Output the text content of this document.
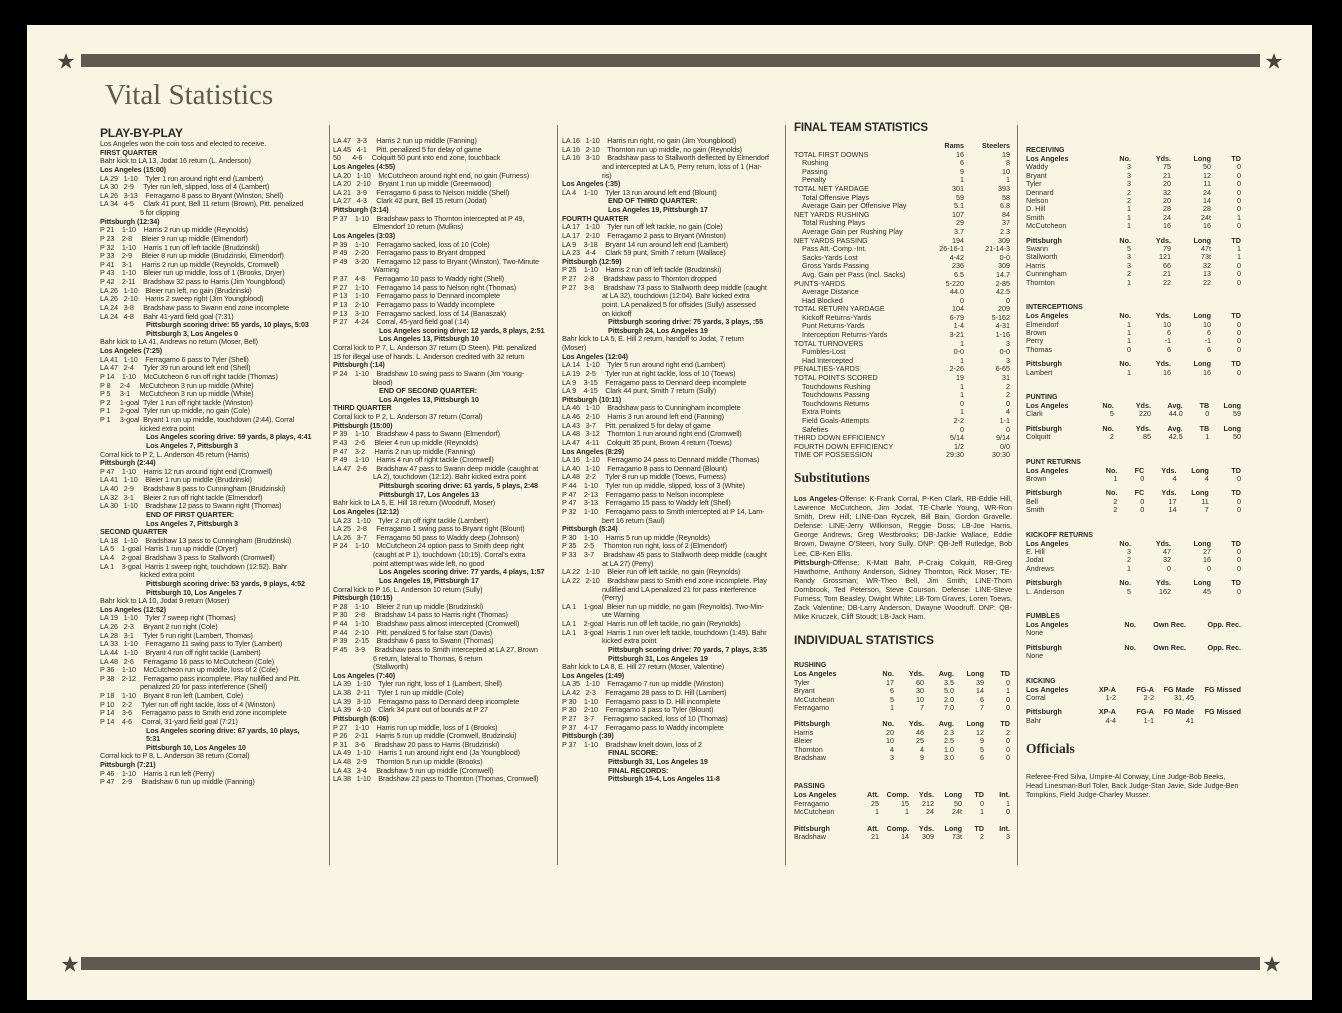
Vital Statistics
PLAY-BY-PLAY
Los Angeles won the coin toss and elected to receive.
FIRST QUARTER
Bahr kick to LA 13, Jodat 16 return (L. Anderson)
Los Angeles (15:00)
LA 29   1-10    Tyler 1 run around right end (Lambert)
LA 30   2-9     Tyler run left, slipped, loss of 4 (Lambert)
LA 26   3-13    Ferragamo 8 pass to Bryant (Winston, Shell)
LA 34   4-5     Clark 41 punt, Bell 11 return (Brown), Pitt. penalized
5 for clipping
Pittsburgh (12:34)
P 21    1-10    Harris 2 run up middle (Reynolds)
P 23    2-8     Bleier 9 run up middle (Elmendorf)
P 32    1-10    Harris 1 run off left tackle (Brudzinski)
P 33    2-9     Bleier 8 run up middle (Brudzinski, Elmendorf)
P 41    3-1     Harris 2 run up middle (Reynolds, Cromwell)
P 43    1-10    Bleier run up middle, loss of 1 (Brooks, Dryer)
P 42    2-11    Bradshaw 32 pass to Harris (Jim Youngblood)
LA 26   1-10    Bleier run left, no gain (Brudzinski)
LA 26   2-10    Harris 2 sweep right (Jim Youngblood)
LA 24   3-8     Bradshaw pass to Swann end zone incomplete
LA 24   4-8     Bahr 41-yard field goal (7:31)
Pittsburgh scoring drive: 55 yards, 10 plays, 5:03
Pittsburgh 3, Los Angeles 0
Bahr kick to LA 41, Andrews no return (Moser, Bell)
Los Angeles (7:25)
LA 41   1-10    Ferragamo 6 pass to Tyler (Shell)
LA 47   2-4     Tyler 39 run around left end (Shell)
P 14    1-10    McCutcheon 6 run off right tackle (Thomas)
P 8     2-4     McCutcheon 3 run up middle (White)
P 5     3-1     McCutcheon 3 run up middle (White)
P 2     1-goal  Tyler 1 run off right tackle (Winston)
P 1     2-goal  Tyler run up middle, no gain (Cole)
P 1     3-goal  Bryant 1 run up middle, touchdown (2:44). Corral
kicked extra point
Los Angeles scoring drive: 59 yards, 8 plays, 4:41
Los Angeles 7, Pittsburgh 3
Corral kick to P 2, L. Anderson 45 return (Harris)
Pittsburgh (2:44)
P 47    1-10    Harris 12 run around right end (Cromwell)
LA 41   1-10    Bleier 1 run up middle (Brudzinski)
LA 40   2-9     Bradshaw 8 pass to Cunningham (Brudzinski)
LA 32   3-1     Bleier 2 run off right tackle (Elmendorf)
LA 30   1-10    Bradshaw 12 pass to Swann right (Thomas)
END OF FIRST QUARTER:
Los Angeles 7, Pittsburgh 3
SECOND QUARTER
LA 18   1-10    Bradshaw 13 pass to Cunningham (Brudzinski)
LA 5    1-goal  Harris 1 run up middle (Dryer)
LA 4    2-goal  Bradshaw 3 pass to Stallworth (Cromwell)
LA 1    3-goal  Harris 1 sweep right, touchdown (12:52). Bahr
kicked extra point
Pittsburgh scoring drive: 53 yards, 9 plays, 4:52
Pittsburgh 10, Los Angeles 7
Bahr kick to LA 10, Jodat 9 return (Moser)
Los Angeles (12:52)
LA 19   1-10    Tyler 7 sweep right (Thomas)
LA 26   2-3     Bryant 2 run right (Cole)
LA 28   3-1     Tyler 5 run right (Lambert, Thomas)
LA 33   1-10    Ferragamo 11 swing pass to Tyler (Lambert)
LA 44   1-10    Bryant 4 run off right tackle (Lambert)
LA 48   2-6     Ferragamo 16 pass to McCutcheon (Cole)
P 36    1-10    McCutcheon run up middle, loss of 2 (Cole)
P 38    2-12    Ferragamo pass incomplete. Play nullified and Pitt.
penalized 20 for pass interference (Shell)
P 18    1-10    Bryant 8 run left (Lambert, Cole)
P 10    2-2     Tyler run off right tackle, loss of 4 (Winston)
P 14    3-6     Ferragamo pass to Smith end zone incomplete
P 14    4-6     Corral, 31-yard field goal (7:21)
Los Angeles scoring drive: 67 yards, 10 plays,
5:31
Pittsburgh 10, Los Angeles 10
Corral kick to P 8, L. Anderson 38 return (Corral)
Pittsburgh (7:21)
P 46    1-10    Harris 1 run left (Perry)
P 47    2-9     Bradshaw 6 run up middle (Fanning)
LA 47   3-3     Harris 2 run up middle (Fanning)
LA 45   4-1     Pitt. penalized 5 for delay of game
50      4-6     Colquitt 50 punt into end zone, touchback
Los Angeles (4:55)
LA 20   1-10    McCutcheon around right end, no gain (Furness)
LA 20   2-10    Bryant 1 run up middle (Greenwood)
LA 21   3-9     Ferragamo 6 pass to Nelson middle (Shell)
LA 27   4-3     Clark 42 punt, Bell 15 return (Jodat)
Pittsburgh (3:14)
P 37    1-10    Bradshaw pass to Thornton intercepted at P 49,
Elmendorf 10 return (Mullins)
Los Angeles (3:03)
P 39    1-10    Ferragamo sacked, loss of 10 (Cole)
P 49    2-20    Ferragamo pass to Bryant dropped
P 49    3-20    Ferragamo 12 pass to Bryant (Winston). Two-Minute
Warning
P 37    4-8     Ferragamo 10 pass to Waddy right (Shell)
P 27    1-10    Ferragamo 14 pass to Nelson right (Thomas)
P 13    1-10    Ferragamo pass to Dennard incomplete
P 13    2-10    Ferragamo pass to Waddy incomplete
P 13    3-10    Ferragamo sacked, loss of 14 (Banaszak)
P 27    4-24    Corral, 45-yard field goal (:14)
Los Angeles scoring drive: 12 yards, 8 plays, 2:51
Los Angeles 13, Pittsburgh 10
Corral kick to P 7, L. Anderson 37 return (D Steen). Pitt. penalized
15 for illegal use of hands. L. Anderson credited with 32 return
Pittsburgh (:14)
P 24    1-10    Bradshaw 10 swing pass to Swann (Jim Young-
blood)
END OF SECOND QUARTER:
Los Angeles 13, Pittsburgh 10
THIRD QUARTER
Corral kick to P 2, L. Anderson 37 return (Corral)
Pittsburgh (15:00)
P 39    1-10    Bradshaw 4 pass to Swann (Elmendorf)
P 43    2-6     Bleier 4 run up middle (Reynolds)
P 47    3-2     Harris 2 run up middle (Fanning)
P 49    1-10    Harris 4 run off right tackle (Cromwell)
LA 47   2-6     Bradshaw 47 pass to Swann deep middle (caught at
LA 2), touchdown (12:12). Bahr kicked extra point
Pittsburgh scoring drive: 61 yards, 5 plays, 2:48
Pittsburgh 17, Los Angeles 13
Bahr kick to LA 5, E. Hill 18 return (Woodruff, Moser)
Los Angeles (12:12)
LA 23   1-10    Tyler 2 run off right tackle (Lambert)
LA 25   2-8     Ferragamo 1 swing pass to Bryant right (Blount)
LA 26   3-7     Ferragamo 50 pass to Waddy deep (Johnson)
P 24    1-10    McCutcheon 24 option pass to Smith deep right
(caught at P 1), touchdown (10:15). Corral's extra
point attempt was wide left, no good
Los Angeles scoring drive: 77 yards, 4 plays, 1:57
Los Angeles 19, Pittsburgh 17
Corral kick to P 16, L. Anderson 10 return (Sully)
Pittsburgh (10:15)
P 28    1-10    Bleier 2 run up middle (Brudzinski)
P 30    2-8     Bradshaw 14 pass to Harris right (Thomas)
P 44    1-10    Bradshaw pass almost intercepted (Cromwell)
P 44    2-10    Pitt. penalized 5 for false start (Davis)
P 39    2-15    Bradshaw 6 pass to Swann (Thomas)
P 45    3-9     Bradshaw pass to Smith intercepted at LA 27, Brown
6 return, lateral to Thomas, 6 return
(Stallworth)
Los Angeles (7:40)
LA 39   1-10    Tyler run right, loss of 1 (Lambert, Shell)
LA 38   2-11    Tyler 1 run up middle (Cole)
LA 39   3-10    Ferragamo pass to Dennard deep incomplete
LA 39   4-10    Clark 34 punt out of bounds at P 27
Pittsburgh (6:06)
P 27    1-10    Harris run up middle, loss of 1 (Brooks)
P 26    2-11    Harris 5 run up middle (Cromwell, Brudzinski)
P 31    3-6     Bradshaw 20 pass to Harris (Brudzinski)
LA 49   1-10    Harris 1 run around right end (Ja Youngblood)
LA 48   2-9     Thornton 5 run up middle (Brooks)
LA 43   3-4     Bradshaw 5 run up middle (Cromwell)
LA 38   1-10    Bradshaw 22 pass to Thornton (Thomas, Cromwell)
LA 16   1-10    Harris run right, no gain (Jim Youngblood)
LA 16   2-10    Thornton run up middle, no gain (Reynolds)
LA 16   3-10    Bradshaw pass to Stallworth deflected by Elmendorf
and intercepted at LA 5, Perry return, loss of 1 (Har-
ris)
Los Angeles (:35)
LA 4    1-10    Tyler 13 run around left end (Blount)
END OF THIRD QUARTER:
Los Angeles 19, Pittsburgh 17
FOURTH QUARTER
LA 17   1-10    Tyler run off left tackle, no gain (Cole)
LA 17   2-10    Ferragamo 2 pass to Bryant (Winston)
LA 9    3-18    Bryant 14 run around left end (Lambert)
LA 23   4-4     Clark 59 punt, Smith 7 return (Wallace)
Pittsburgh (12:59)
P 25    1-10    Harris 2 run off left tackle (Brudzinski)
P 27    2-8     Bradshaw pass to Thornton dropped
P 27    3-8     Bradshaw 73 pass to Stallworth deep middle (caught
at LA 32), touchdown (12:04). Bahr kicked extra
point. LA penalized 5 for offsides (Sully) assessed
on kickoff
Pittsburgh scoring drive: 75 yards, 3 plays, :55
Pittsburgh 24, Los Angeles 19
Bahr kick to LA 5, E. Hill 2 return, handoff to Jodat, 7 return
(Moser)
Los Angeles (12:04)
LA 14   1-10    Tyler 5 run around right end (Lambert)
LA 19   2-5     Tyler run at right tackle, loss of 10 (Toews)
LA 9    3-15    Ferragamo pass to Dennard deep incomplete
LA 9    4-15    Clark 44 punt, Smith 7 return (Sully)
Pittsburgh (10:11)
LA 46   1-10    Bradshaw pass to Cunningham incomplete
LA 46   2-10    Harris 3 run around left end (Fanning)
LA 43   3-7     Pitt. penalized 5 for delay of game
LA 48   3-12    Thornton 1 run around right end (Cromwell)
LA 47   4-11    Colquitt 35 punt, Brown 4 return (Toews)
Los Angeles (8:29)
LA 16   1-10    Ferragamo 24 pass to Dennard middle (Thomas)
LA 40   1-10    Ferragamo 8 pass to Dennard (Blount)
LA 48   2-2     Tyler 8 run up middle (Toews, Furness)
P 44    1-10    Tyler run up middle, slipped, loss of 3 (White)
P 47    2-13    Ferragamo pass to Nelson incomplete
P 47    3-13    Ferragamo 15 pass to Waddy left (Shell)
P 32    1-10    Ferragamo pass to Smith intercepted at P 14, Lam-
bert 16 return (Saul)
Pittsburgh (5:24)
P 30    1-10    Harris 5 run up middle (Reynolds)
P 35    2-5     Thornton run right, loss of 2 (Elmendorf)
P 33    3-7     Bradshaw 45 pass to Stallworth deep middle (caught
at LA 27) (Perry)
LA 22   1-10    Bleier run off left tackle, no gain (Reynolds)
LA 22   2-10    Bradshaw pass to Smith end zone incomplete. Play
nullified and LA penalized 21 for pass interference
(Perry)
LA 1    1-goal  Bleier run up middle, no gain (Reynolds). Two-Min-
ute Warning
LA 1    2-goal  Harris run off left tackle, no gain (Reynolds)
LA 1    3-goal  Harris 1 run over left tackle, touchdown (1:49). Bahr
kicked extra point
Pittsburgh scoring drive: 70 yards, 7 plays, 3:35
Pittsburgh 31, Los Angeles 19
Bahr kick to LA 8, E. Hill 27 return (Moser, Valentine)
Los Angeles (1:49)
LA 35   1-10    Ferragamo 7 run up middle (Winston)
LA 42   2-3     Ferragamo 28 pass to D. Hill (Lambert)
P 30    1-10    Ferragamo pass to D. Hill incomplete
P 30    2-10    Ferragamo 3 pass to Tyler (Blount)
P 27    3-7     Ferragamo sacked, loss of 10 (Thomas)
P 37    4-17    Ferragamo pass to Waddy incomplete
Pittsburgh (:39)
P 37    1-10    Bradshaw knelt down, loss of 2
FINAL SCORE:
Pittsburgh 31, Los Angeles 19
FINAL RECORDS:
Pittsburgh 15-4, Los Angeles 11-8
FINAL TEAM STATISTICS
	Rams	Steelers
TOTAL FIRST DOWNS	16	19
Rushing	6	8
Passing	9	10
Penalty	1	1
TOTAL NET YARDAGE	301	393
Total Offensive Plays	59	58
Average Gain per Offensive Play	5.1	6.8
NET YARDS RUSHING	107	84
Total Rushing Plays	29	37
Average Gain per Rushing Play	3.7	2.3
NET YARDS PASSING	194	309
Pass Att.-Comp.-Int.	26-16-1	21-14-3
Sacks-Yards Lost	4-42	0-0
Gross Yards Passing	236	309
Avg. Gain per Pass (Incl. Sacks)	6.5	14.7
PUNTS-YARDS	5-220	2-85
Average Distance	44.0	42.5
Had Blocked	0	0
TOTAL RETURN YARDAGE	104	209
Kickoff Returns-Yards	6-79	5-162
Punt Returns-Yards	1-4	4-31
Interception Returns-Yards	3-21	1-16
TOTAL TURNOVERS	1	3
Fumbles-Lost	0-0	0-0
Had Intercepted	1	3
PENALTIES-YARDS	2-26	6-65
TOTAL POINTS SCORED	19	31
Touchdowns Rushing	1	2
Touchdowns Passing	1	2
Touchdowns Returns	0	0
Extra Points	1	4
Field Goals-Attempts	2-2	1-1
Safeties	0	0
THIRD DOWN EFFICIENCY	5/14	9/14
FOURTH DOWN EFFICIENCY	1/2	0/0
TIME OF POSSESSION	29:30	30:30
Substitutions
Los Angeles-Offense: K-Frank Corral, P-Ken Clark, RB-Eddie Hill, Lawrence McCutcheon, Jim Jodat, TE-Charle Young, WR-Ron Smith, Drew Hill; LINE-Dan Ryczek, Bill Bain, Gordon Gravelle. Defense: LINE-Jerry Wilkinson, Reggie Doss; LB-Joe Harris, George Andrews, Greg Westbrooks; DB-Jackie Wallace, Eddie Brown, Dwayne O'Steen, Ivory Sully. DNP: QB-Jeff Rutledge, Bob Lee, CB-Ken Ellis.
Pittsburgh-Offense: K-Matt Bahr, P-Craig Colquitt, RB-Greg Hawthorne, Anthony Anderson, Sidney Thornton, Rick Moser; TE-Randy Grossman; WR-Theo Bell, Jim Smith; LINE-Thom Dornbrook, Ted Peterson, Steve Courson. Defense: LINE-Steve Furness, Tom Beasley, Dwight White; LB-Tom Graves, Loren Toews, Zack Valentine; DB-Larry Anderson, Dwayne Woodruff. DNP: QB-Mike Kruczek, Cliff Stoudt; LB-Jack Ham.
INDIVIDUAL STATISTICS
RUSHING
Los Angeles	No.	Yds.	Avg.	Long	TD
Tyler	17	60	3.5	39	0
Bryant	6	30	5.0	14	1
McCutcheon	5	10	2.0	6	0
Ferragamo	1	7	7.0	7	0
Pittsburgh	No.	Yds.	Avg.	Long	TD
Harris	20	46	2.3	12	2
Bleier	10	25	2.5	9	0
Thornton	4	4	1.0	5	0
Bradshaw	3	9	3.0	6	0
PASSING
Los Angeles	Att.	Comp.	Yds.	Long	TD	Int.
Ferragamo	25	15	212	50	0	1
McCutcheon	1	1	24	24t	1	0
Pittsburgh	Att.	Comp.	Yds.	Long	TD	Int.
Bradshaw	21	14	309	73t	2	3
RECEIVING
Los Angeles	No.	Yds.	Long	TD
Waddy	3	75	50	0
Bryant	3	21	12	0
Tyler	3	20	11	0
Dennard	2	32	24	0
Nelson	2	20	14	0
D. Hill	1	28	28	0
Smith	1	24	24t	1
McCutcheon	1	16	16	0
Pittsburgh	No.	Yds.	Long	TD
Swann	5	79	47t	1
Stallworth	3	121	73t	1
Harris	3	66	32	0
Cunningham	2	21	13	0
Thornton	1	22	22	0
INTERCEPTIONS
Los Angeles	No.	Yds.	Long	TD
Elmendorf	1	10	10	0
Brown	1	6	6	0
Perry	1	-1	-1	0
Thomas	0	6	6	0
Pittsburgh	No.	Yds.	Long	TD
Lambert	1	16	16	0
PUNTING
Los Angeles	No.	Yds.	Avg.	TB	Long
Clark	5	220	44.0	0	59
Pittsburgh	No.	Yds.	Avg.	TB	Long
Colquitt	2	85	42.5	1	50
PUNT RETURNS
Los Angeles	No.	FC	Yds.	Long	TD
Brown	1	0	4	4	0
Pittsburgh	No.	FC	Yds.	Long	TD
Bell	2	0	17	11	0
Smith	2	0	14	7	0
KICKOFF RETURNS
Los Angeles	No.	Yds.	Long	TD
E. Hill	3	47	27	0
Jodat	2	32	16	0
Andrews	1	0	0	0
Pittsburgh	No.	Yds.	Long	TD
L. Anderson	5	162	45	0
FUMBLES
Los Angeles	No.	Own Rec.	Opp. Rec.
None			
Pittsburgh	No.	Own Rec.	Opp. Rec.
None			
KICKING
Los Angeles	XP-A	FG-A	FG Made	FG Missed
Corral	1-2	2-2	31, 45	
Pittsburgh	XP-A	FG-A	FG Made	FG Missed
Bahr	4-4	1-1	41	
Officials
Referee-Fred Silva, Umpire-Al Conway, Line Judge-Bob Beeks, Head Linesman-Burl Toler, Back Judge-Stan Javie, Side Judge-Ben Tompkins, Field Judge-Charley Musser.
